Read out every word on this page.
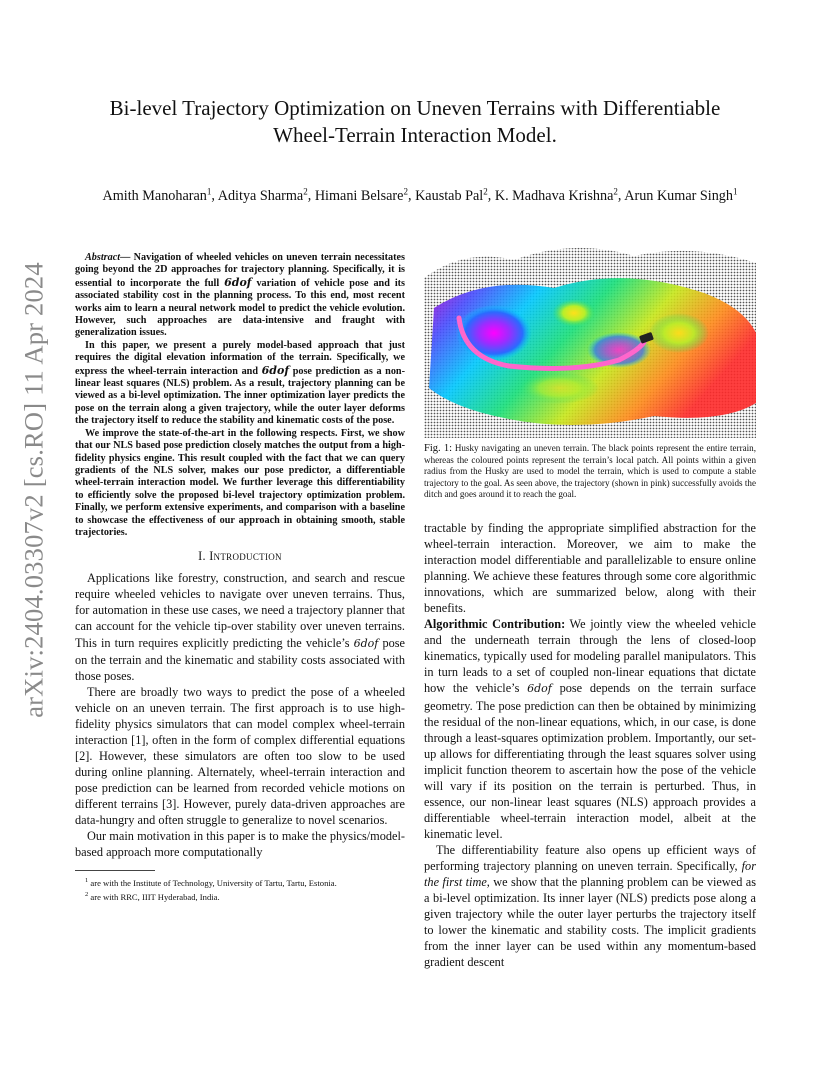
arXiv:2404.03307v2 [cs.RO] 11 Apr 2024
Bi-level Trajectory Optimization on Uneven Terrains with Differentiable
Wheel-Terrain Interaction Model.
Amith Manoharan$^1$, Aditya Sharma$^2$, Himani Belsare$^2$, Kaustab Pal$^2$, K. Madhava Krishna$^2$, Arun Kumar Singh$^1$

Abstract— Navigation of wheeled vehicles on uneven terrain necessitates going beyond the 2D approaches for trajectory planning. Specifically, it is essential to incorporate the full 6dof variation of vehicle pose and its associated stability cost in the planning process. To this end, most recent works aim to learn a neural network model to predict the vehicle evolution. However, such approaches are data-intensive and fraught with generalization issues.

In this paper, we present a purely model-based approach that just requires the digital elevation information of the terrain. Specifically, we express the wheel-terrain interaction and 6dof pose prediction as a non-linear least squares (NLS) problem. As a result, trajectory planning can be viewed as a bi-level optimization. The inner optimization layer predicts the pose on the terrain along a given trajectory, while the outer layer deforms the trajectory itself to reduce the stability and kinematic costs of the pose.

We improve the state-of-the-art in the following respects. First, we show that our NLS based pose prediction closely matches the output from a high-fidelity physics engine. This result coupled with the fact that we can query gradients of the NLS solver, makes our pose predictor, a differentiable wheel-terrain interaction model. We further leverage this differentiability to efficiently solve the proposed bi-level trajectory optimization problem. Finally, we perform extensive experiments, and comparison with a baseline to showcase the effectiveness of our approach in obtaining smooth, stable trajectories.

I. Introduction

Applications like forestry, construction, and search and rescue require wheeled vehicles to navigate over uneven terrains. Thus, for automation in these use cases, we need a trajectory planner that can account for the vehicle tip-over stability over uneven terrains. This in turn requires explicitly predicting the vehicle’s 6dof pose on the terrain and the kinematic and stability costs associated with those poses.

There are broadly two ways to predict the pose of a wheeled vehicle on an uneven terrain. The first approach is to use high-fidelity physics simulators that can model complex wheel-terrain interaction [1], often in the form of complex differential equations [2]. However, these simulators are often too slow to be used during online planning. Alternately, wheel-terrain interaction and pose prediction can be learned from recorded vehicle motions on different terrains [3]. However, purely data-driven approaches are data-hungry and often struggle to generalize to novel scenarios.

Our main motivation in this paper is to make the physics/model-based approach more computationally

$^1$ are with the Institute of Technology, University of Tartu, Tartu, Estonia.
$^2$ are with RRC, IIIT Hyderabad, India.
Fig. 1: Husky navigating an uneven terrain. The black points represent the entire terrain, whereas the coloured points represent the terrain’s local patch. All points within a given radius from the Husky are used to model the terrain, which is used to compute a stable trajectory to the goal. As seen above, the trajectory (shown in pink) successfully avoids the ditch and goes around it to reach the goal.

tractable by finding the appropriate simplified abstraction for the wheel-terrain interaction. Moreover, we aim to make the interaction model differentiable and parallelizable to ensure online planning. We achieve these features through some core algorithmic innovations, which are summarized below, along with their benefits.

Algorithmic Contribution: We jointly view the wheeled vehicle and the underneath terrain through the lens of closed-loop kinematics, typically used for modeling parallel manipulators. This in turn leads to a set of coupled non-linear equations that dictate how the vehicle’s 6dof pose depends on the terrain surface geometry. The pose prediction can then be obtained by minimizing the residual of the non-linear equations, which, in our case, is done through a least-squares optimization problem. Importantly, our set-up allows for differentiating through the least squares solver using implicit function theorem to ascertain how the pose of the vehicle will vary if its position on the terrain is perturbed. Thus, in essence, our non-linear least squares (NLS) approach provides a differentiable wheel-terrain interaction model, albeit at the kinematic level.

The differentiability feature also opens up efficient ways of performing trajectory planning on uneven terrain. Specifically, for the first time, we show that the planning problem can be viewed as a bi-level optimization. Its inner layer (NLS) predicts pose along a given trajectory while the outer layer perturbs the trajectory itself to lower the kinematic and stability costs. The implicit gradients from the inner layer can be used within any momentum-based gradient descent
